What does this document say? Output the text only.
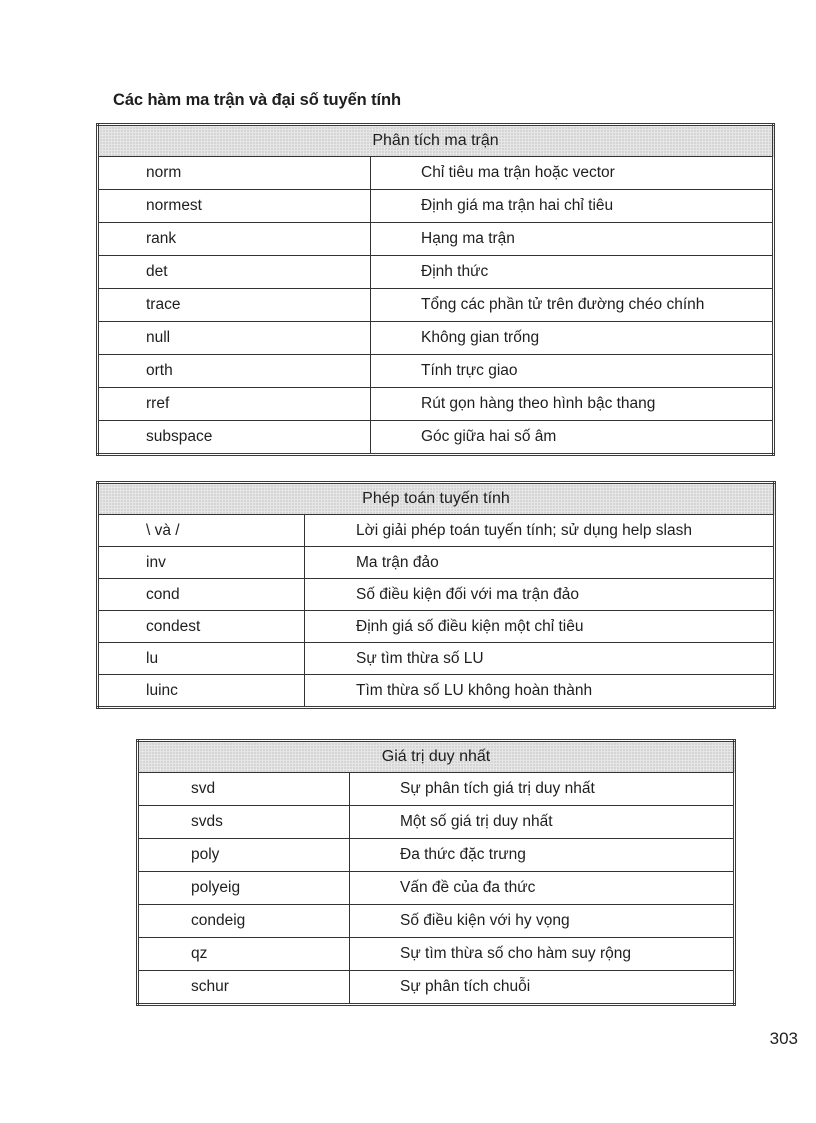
Các hàm ma trận và đại số tuyến tính
Phân tích ma trận	
norm	Chỉ tiêu ma trận hoặc vector
normest	Định giá ma trận hai chỉ tiêu
rank	Hạng ma trận
det	Định thức
trace	Tổng các phần tử trên đường chéo chính
null	Không gian trống
orth	Tính trực giao
rref	Rút gọn hàng theo hình bậc thang
subspace	Góc giữa hai số âm
Phép toán tuyến tính	
\ và /	Lời giải phép toán tuyến tính; sử dụng help slash
inv	Ma trận đảo
cond	Số điều kiện đối với ma trận đảo
condest	Định giá số điều kiện một chỉ tiêu
lu	Sự tìm thừa số LU
luinc	Tìm thừa số LU không hoàn thành
Giá trị duy nhất	
svd	Sự phân tích giá trị duy nhất
svds	Một số giá trị duy nhất
poly	Đa thức đặc trưng
polyeig	Vấn đề của đa thức
condeig	Số điều kiện với hy vọng
qz	Sự tìm thừa số cho hàm suy rộng
schur	Sự phân tích chuỗi
303
